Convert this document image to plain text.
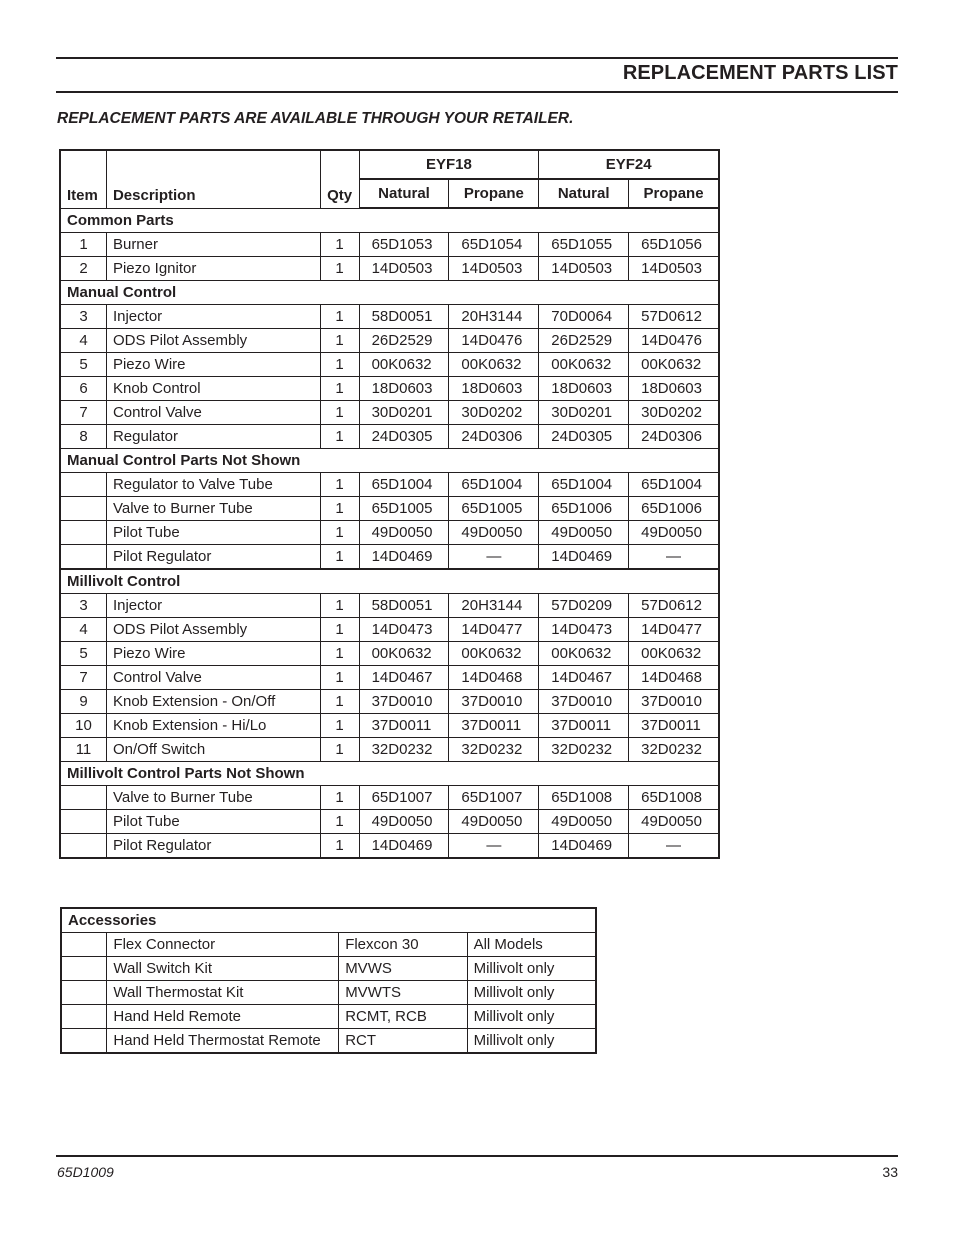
REPLACEMENT PARTS LIST
REPLACEMENT PARTS ARE AVAILABLE THROUGH YOUR RETAILER.
Item	Description	Qty	EYF18		EYF24	
			Natural	Propane	Natural	Propane
Common Parts						
1	Burner	1	65D1053	65D1054	65D1055	65D1056
2	Piezo Ignitor	1	14D0503	14D0503	14D0503	14D0503
Manual Control						
3	Injector	1	58D0051	20H3144	70D0064	57D0612
4	ODS Pilot Assembly	1	26D2529	14D0476	26D2529	14D0476
5	Piezo Wire	1	00K0632	00K0632	00K0632	00K0632
6	Knob Control	1	18D0603	18D0603	18D0603	18D0603
7	Control Valve	1	30D0201	30D0202	30D0201	30D0202
8	Regulator	1	24D0305	24D0306	24D0305	24D0306
Manual Control Parts Not Shown						
	Regulator to Valve Tube	1	65D1004	65D1004	65D1004	65D1004
	Valve to Burner Tube	1	65D1005	65D1005	65D1006	65D1006
	Pilot Tube	1	49D0050	49D0050	49D0050	49D0050
	Pilot Regulator	1	14D0469	—	14D0469	—
Millivolt Control						
3	Injector	1	58D0051	20H3144	57D0209	57D0612
4	ODS Pilot Assembly	1	14D0473	14D0477	14D0473	14D0477
5	Piezo Wire	1	00K0632	00K0632	00K0632	00K0632
7	Control Valve	1	14D0467	14D0468	14D0467	14D0468
9	Knob Extension - On/Off	1	37D0010	37D0010	37D0010	37D0010
10	Knob Extension - Hi/Lo	1	37D0011	37D0011	37D0011	37D0011
11	On/Off Switch	1	32D0232	32D0232	32D0232	32D0232
Millivolt Control Parts Not Shown						
	Valve to Burner Tube	1	65D1007	65D1007	65D1008	65D1008
	Pilot Tube	1	49D0050	49D0050	49D0050	49D0050
	Pilot Regulator	1	14D0469	—	14D0469	—
Accessories			
	Flex Connector	Flexcon 30	All Models
	Wall Switch Kit	MVWS	Millivolt only
	Wall Thermostat Kit	MVWTS	Millivolt only
	Hand Held Remote	RCMT, RCB	Millivolt only
	Hand Held Thermostat Remote	RCT	Millivolt only
65D1009	33
